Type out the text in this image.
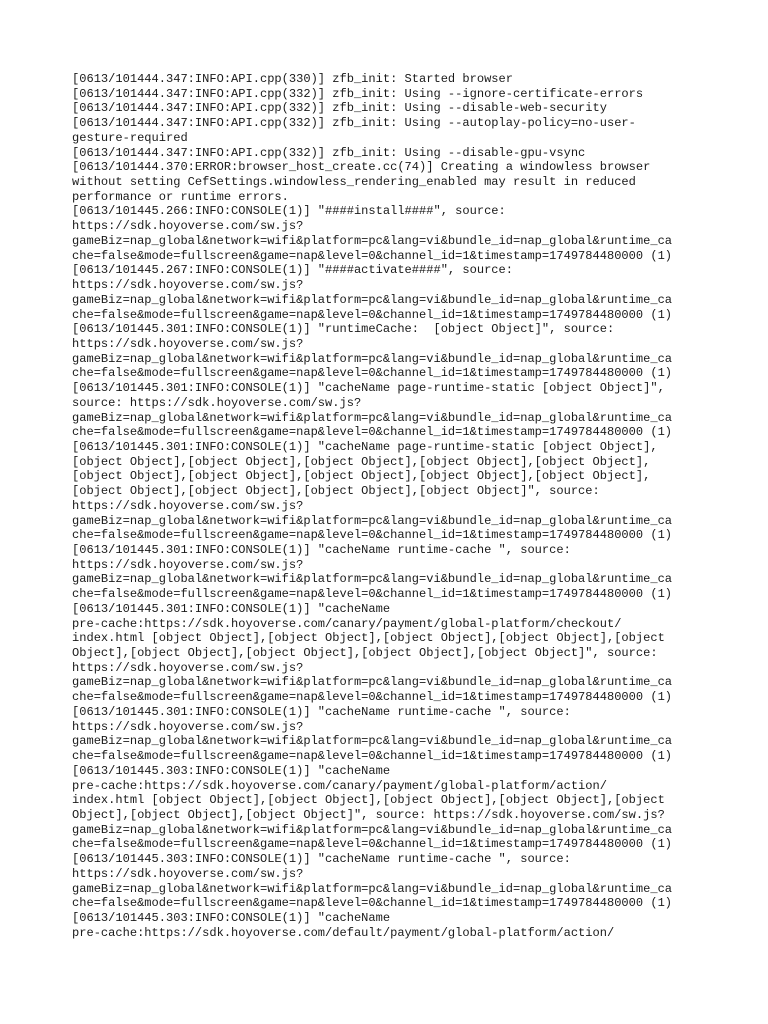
[0613/101444.347:INFO:API.cpp(330)] zfb_init: Started browser
[0613/101444.347:INFO:API.cpp(332)] zfb_init: Using --ignore-certificate-errors
[0613/101444.347:INFO:API.cpp(332)] zfb_init: Using --disable-web-security
[0613/101444.347:INFO:API.cpp(332)] zfb_init: Using --autoplay-policy=no-user-
gesture-required
[0613/101444.347:INFO:API.cpp(332)] zfb_init: Using --disable-gpu-vsync
[0613/101444.370:ERROR:browser_host_create.cc(74)] Creating a windowless browser
without setting CefSettings.windowless_rendering_enabled may result in reduced
performance or runtime errors.
[0613/101445.266:INFO:CONSOLE(1)] "####install####", source:
https://sdk.hoyoverse.com/sw.js?
gameBiz=nap_global&network=wifi&platform=pc&lang=vi&bundle_id=nap_global&runtime_ca
che=false&mode=fullscreen&game=nap&level=0&channel_id=1&timestamp=1749784480000 (1)
[0613/101445.267:INFO:CONSOLE(1)] "####activate####", source:
https://sdk.hoyoverse.com/sw.js?
gameBiz=nap_global&network=wifi&platform=pc&lang=vi&bundle_id=nap_global&runtime_ca
che=false&mode=fullscreen&game=nap&level=0&channel_id=1&timestamp=1749784480000 (1)
[0613/101445.301:INFO:CONSOLE(1)] "runtimeCache:  [object Object]", source:
https://sdk.hoyoverse.com/sw.js?
gameBiz=nap_global&network=wifi&platform=pc&lang=vi&bundle_id=nap_global&runtime_ca
che=false&mode=fullscreen&game=nap&level=0&channel_id=1&timestamp=1749784480000 (1)
[0613/101445.301:INFO:CONSOLE(1)] "cacheName page-runtime-static [object Object]",
source: https://sdk.hoyoverse.com/sw.js?
gameBiz=nap_global&network=wifi&platform=pc&lang=vi&bundle_id=nap_global&runtime_ca
che=false&mode=fullscreen&game=nap&level=0&channel_id=1&timestamp=1749784480000 (1)
[0613/101445.301:INFO:CONSOLE(1)] "cacheName page-runtime-static [object Object],
[object Object],[object Object],[object Object],[object Object],[object Object],
[object Object],[object Object],[object Object],[object Object],[object Object],
[object Object],[object Object],[object Object],[object Object]", source:
https://sdk.hoyoverse.com/sw.js?
gameBiz=nap_global&network=wifi&platform=pc&lang=vi&bundle_id=nap_global&runtime_ca
che=false&mode=fullscreen&game=nap&level=0&channel_id=1&timestamp=1749784480000 (1)
[0613/101445.301:INFO:CONSOLE(1)] "cacheName runtime-cache ", source:
https://sdk.hoyoverse.com/sw.js?
gameBiz=nap_global&network=wifi&platform=pc&lang=vi&bundle_id=nap_global&runtime_ca
che=false&mode=fullscreen&game=nap&level=0&channel_id=1&timestamp=1749784480000 (1)
[0613/101445.301:INFO:CONSOLE(1)] "cacheName
pre-cache:https://sdk.hoyoverse.com/canary/payment/global-platform/checkout/
index.html [object Object],[object Object],[object Object],[object Object],[object
Object],[object Object],[object Object],[object Object],[object Object]", source:
https://sdk.hoyoverse.com/sw.js?
gameBiz=nap_global&network=wifi&platform=pc&lang=vi&bundle_id=nap_global&runtime_ca
che=false&mode=fullscreen&game=nap&level=0&channel_id=1&timestamp=1749784480000 (1)
[0613/101445.301:INFO:CONSOLE(1)] "cacheName runtime-cache ", source:
https://sdk.hoyoverse.com/sw.js?
gameBiz=nap_global&network=wifi&platform=pc&lang=vi&bundle_id=nap_global&runtime_ca
che=false&mode=fullscreen&game=nap&level=0&channel_id=1&timestamp=1749784480000 (1)
[0613/101445.303:INFO:CONSOLE(1)] "cacheName
pre-cache:https://sdk.hoyoverse.com/canary/payment/global-platform/action/
index.html [object Object],[object Object],[object Object],[object Object],[object
Object],[object Object],[object Object]", source: https://sdk.hoyoverse.com/sw.js?
gameBiz=nap_global&network=wifi&platform=pc&lang=vi&bundle_id=nap_global&runtime_ca
che=false&mode=fullscreen&game=nap&level=0&channel_id=1&timestamp=1749784480000 (1)
[0613/101445.303:INFO:CONSOLE(1)] "cacheName runtime-cache ", source:
https://sdk.hoyoverse.com/sw.js?
gameBiz=nap_global&network=wifi&platform=pc&lang=vi&bundle_id=nap_global&runtime_ca
che=false&mode=fullscreen&game=nap&level=0&channel_id=1&timestamp=1749784480000 (1)
[0613/101445.303:INFO:CONSOLE(1)] "cacheName
pre-cache:https://sdk.hoyoverse.com/default/payment/global-platform/action/
